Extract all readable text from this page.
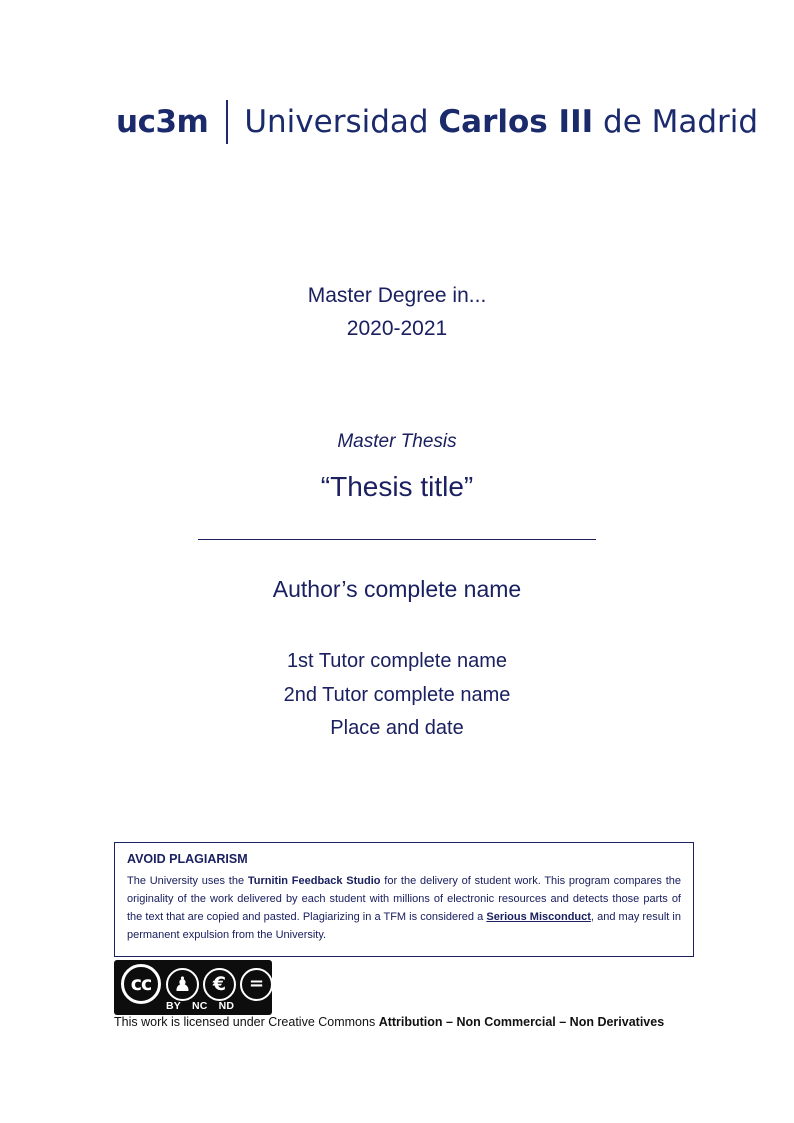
uc3m Universidad Carlos III de Madrid
Master Degree in...
2020-2021
Master Thesis
“Thesis title”
Author’s complete name
1st Tutor complete name
2nd Tutor complete name
Place and date
AVOID PLAGIARISM
The University uses the Turnitin Feedback Studio for the delivery of student work. This program compares the originality of the work delivered by each student with millions of electronic resources and detects those parts of the text that are copied and pasted. Plagiarizing in a TFM is considered a Serious Misconduct, and may result in permanent expulsion from the University.
cc ♟ € =
BY NC ND
This work is licensed under Creative Commons Attribution – Non Commercial – Non Derivatives
